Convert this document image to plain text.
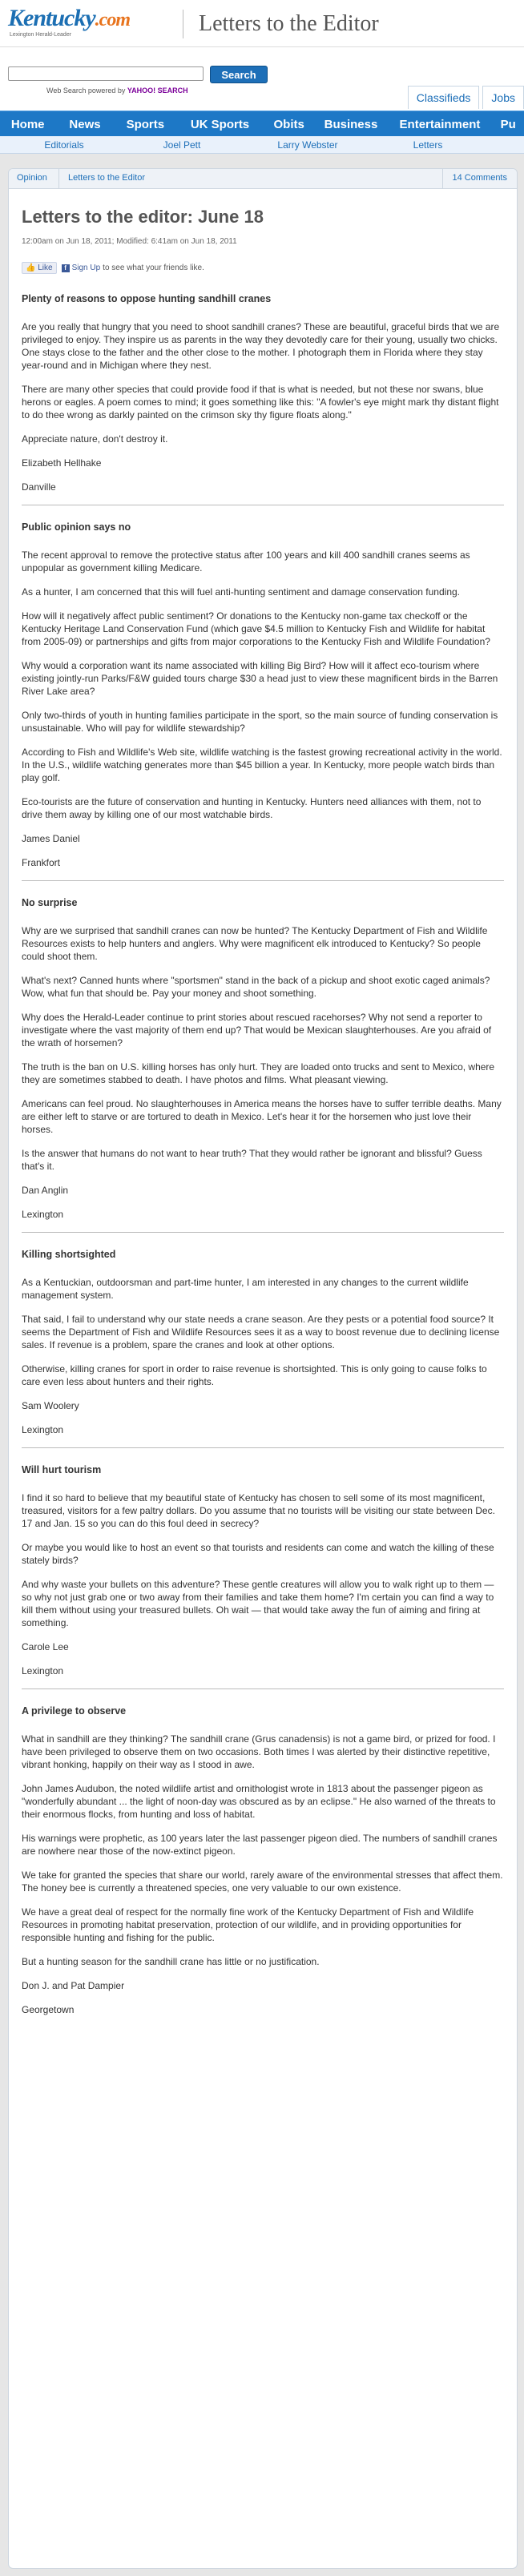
Kentucky.com
Lexington Herald-Leader	Letters to the Editor
Search
Web Search powered by YAHOO! SEARCH
Classifieds	Jobs
Home	News	Sports	UK Sports	Obits	Business	Entertainment	Pu
Editorials	Joel Pett	Larry Webster	Letters
Opinion Letters to the Editor	14 Comments
Letters to the editor: June 18
12:00am on Jun 18, 2011; Modified: 6:41am on Jun 18, 2011
👍 Like	f Sign Up to see what your friends like.
Plenty of reasons to oppose hunting sandhill cranes

Are you really that hungry that you need to shoot sandhill cranes? These are beautiful, graceful birds that we are privileged to enjoy. They inspire us as parents in the way they devotedly care for their young, usually two chicks. One stays close to the father and the other close to the mother. I photograph them in Florida where they stay year-round and in Michigan where they nest.

There are many other species that could provide food if that is what is needed, but not these nor swans, blue herons or eagles. A poem comes to mind; it goes something like this: "A fowler's eye might mark thy distant flight to do thee wrong as darkly painted on the crimson sky thy figure floats along."

Appreciate nature, don't destroy it.

Elizabeth Hellhake

Danville

Public opinion says no

The recent approval to remove the protective status after 100 years and kill 400 sandhill cranes seems as unpopular as government killing Medicare.

As a hunter, I am concerned that this will fuel anti-hunting sentiment and damage conservation funding.

How will it negatively affect public sentiment? Or donations to the Kentucky non-game tax checkoff or the Kentucky Heritage Land Conservation Fund (which gave $4.5 million to Kentucky Fish and Wildlife for habitat from 2005-09) or partnerships and gifts from major corporations to the Kentucky Fish and Wildlife Foundation?

Why would a corporation want its name associated with killing Big Bird? How will it affect eco-tourism where existing jointly-run Parks/F&W guided tours charge $30 a head just to view these magnificent birds in the Barren River Lake area?

Only two-thirds of youth in hunting families participate in the sport, so the main source of funding conservation is unsustainable. Who will pay for wildlife stewardship?

According to Fish and Wildlife's Web site, wildlife watching is the fastest growing recreational activity in the world. In the U.S., wildlife watching generates more than $45 billion a year. In Kentucky, more people watch birds than play golf.

Eco-tourists are the future of conservation and hunting in Kentucky. Hunters need alliances with them, not to drive them away by killing one of our most watchable birds.

James Daniel

Frankfort

No surprise

Why are we surprised that sandhill cranes can now be hunted? The Kentucky Department of Fish and Wildlife Resources exists to help hunters and anglers. Why were magnificent elk introduced to Kentucky? So people could shoot them.

What's next? Canned hunts where "sportsmen" stand in the back of a pickup and shoot exotic caged animals? Wow, what fun that should be. Pay your money and shoot something.

Why does the Herald-Leader continue to print stories about rescued racehorses? Why not send a reporter to investigate where the vast majority of them end up? That would be Mexican slaughterhouses. Are you afraid of the wrath of horsemen?

The truth is the ban on U.S. killing horses has only hurt. They are loaded onto trucks and sent to Mexico, where they are sometimes stabbed to death. I have photos and films. What pleasant viewing.

Americans can feel proud. No slaughterhouses in America means the horses have to suffer terrible deaths. Many are either left to starve or are tortured to death in Mexico. Let's hear it for the horsemen who just love their horses.

Is the answer that humans do not want to hear truth? That they would rather be ignorant and blissful? Guess that's it.

Dan Anglin

Lexington

Killing shortsighted

As a Kentuckian, outdoorsman and part-time hunter, I am interested in any changes to the current wildlife management system.

That said, I fail to understand why our state needs a crane season. Are they pests or a potential food source? It seems the Department of Fish and Wildlife Resources sees it as a way to boost revenue due to declining license sales. If revenue is a problem, spare the cranes and look at other options.

Otherwise, killing cranes for sport in order to raise revenue is shortsighted. This is only going to cause folks to care even less about hunters and their rights.

Sam Woolery

Lexington

Will hurt tourism

I find it so hard to believe that my beautiful state of Kentucky has chosen to sell some of its most magnificent, treasured, visitors for a few paltry dollars. Do you assume that no tourists will be visiting our state between Dec. 17 and Jan. 15 so you can do this foul deed in secrecy?

Or maybe you would like to host an event so that tourists and residents can come and watch the killing of these stately birds?

And why waste your bullets on this adventure? These gentle creatures will allow you to walk right up to them — so why not just grab one or two away from their families and take them home? I'm certain you can find a way to kill them without using your treasured bullets. Oh wait — that would take away the fun of aiming and firing at something.

Carole Lee

Lexington

A privilege to observe

What in sandhill are they thinking? The sandhill crane (Grus canadensis) is not a game bird, or prized for food. I have been privileged to observe them on two occasions. Both times I was alerted by their distinctive repetitive, vibrant honking, happily on their way as I stood in awe.

John James Audubon, the noted wildlife artist and ornithologist wrote in 1813 about the passenger pigeon as "wonderfully abundant ... the light of noon-day was obscured as by an eclipse." He also warned of the threats to their enormous flocks, from hunting and loss of habitat.

His warnings were prophetic, as 100 years later the last passenger pigeon died. The numbers of sandhill cranes are nowhere near those of the now-extinct pigeon.

We take for granted the species that share our world, rarely aware of the environmental stresses that affect them. The honey bee is currently a threatened species, one very valuable to our own existence.

We have a great deal of respect for the normally fine work of the Kentucky Department of Fish and Wildlife Resources in promoting habitat preservation, protection of our wildlife, and in providing opportunities for responsible hunting and fishing for the public.

But a hunting season for the sandhill crane has little or no justification.

Don J. and Pat Dampier

Georgetown
